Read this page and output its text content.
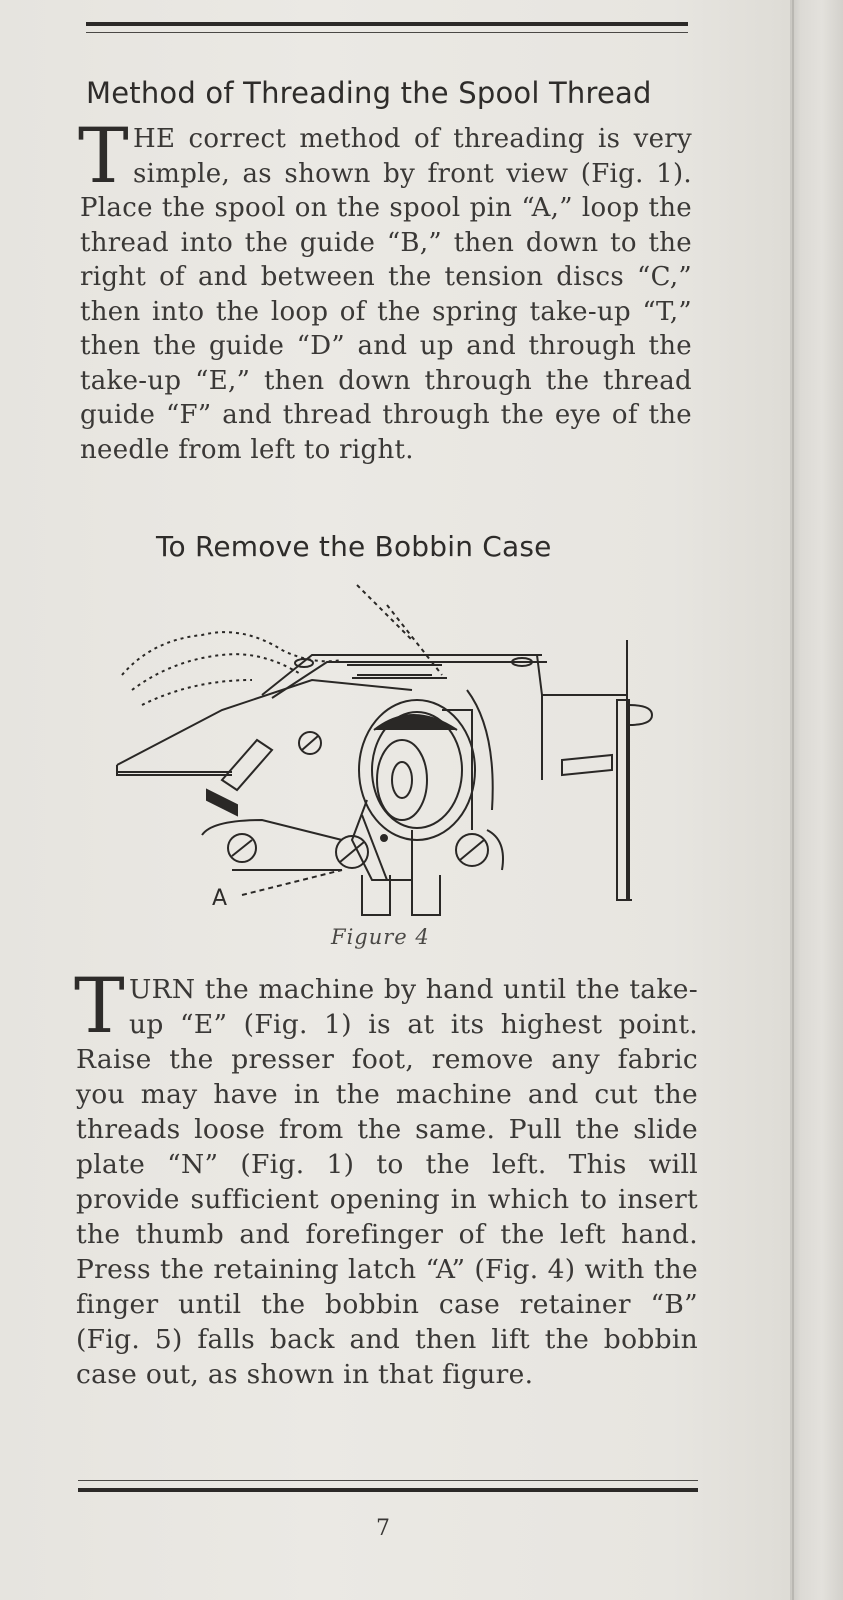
Method of Threading the Spool Thread
THE correct method of threading is very simple, as shown by front view (Fig. 1). Place the spool on the spool pin “A,” loop the thread into the guide “B,” then down to the right of and between the tension discs “C,” then into the loop of the spring take-up “T,” then the guide “D” and up and through the take-up “E,” then down through the thread guide “F” and thread through the eye of the needle from left to right.
To Remove the Bobbin Case
A
Figure 4
TURN the machine by hand until the take-up “E” (Fig. 1) is at its highest point. Raise the presser foot, remove any fabric you may have in the machine and cut the threads loose from the same. Pull the slide plate “N” (Fig. 1) to the left. This will provide sufficient opening in which to insert the thumb and forefinger of the left hand. Press the retaining latch “A” (Fig. 4) with the finger until the bobbin case retainer “B” (Fig. 5) falls back and then lift the bobbin case out, as shown in that figure.
7
